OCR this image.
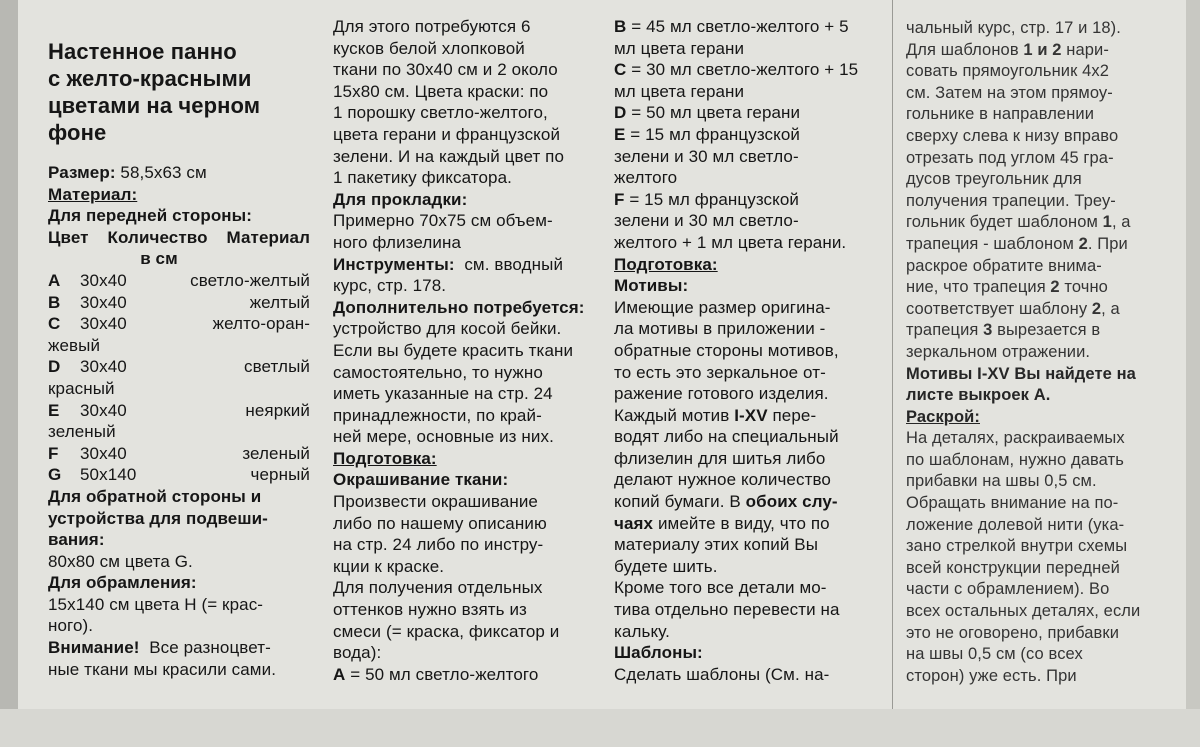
Настенное панно
с желто-красными
цветами на черном
фоне
Размер: 58,5х63 см
Материал:
Для передней стороны:
Цвет Количество Материал
в см
A	30х40	светло-желтый
B	30х40	желтый
C	30х40	желто-оран-
жевый
D	30х40	светлый
красный
E	30х40	неяркий
зеленый
F	30х40	зеленый
G	50х140	черный
Для обратной стороны и
устройства для подвеши-
вания:
80х80 см цвета G.
Для обрамления:
15х140 см цвета H (= крас-
ного).
Внимание! Все разноцвет-
ные ткани мы красили сами.
Для этого потребуются 6
кусков белой хлопковой
ткани по 30х40 см и 2 около
15х80 см. Цвета краски: по
1 порошку светло-желтого,
цвета герани и французской
зелени. И на каждый цвет по
1 пакетику фиксатора.
Для прокладки:
Примерно 70х75 см объем-
ного флизелина
Инструменты: см. вводный
курс, стр. 178.
Дополнительно потребуется:
устройство для косой бейки.
Если вы будете красить ткани
самостоятельно, то нужно
иметь указанные на стр. 24
принадлежности, по край-
ней мере, основные из них.
Подготовка:
Окрашивание ткани:
Произвести окрашивание
либо по нашему описанию
на стр. 24 либо по инстру-
кции к краске.
Для получения отдельных
оттенков нужно взять из
смеси (= краска, фиксатор и
вода):
A = 50 мл светло-желтого
B = 45 мл светло-желтого + 5
мл цвета герани
C = 30 мл светло-желтого + 15
мл цвета герани
D = 50 мл цвета герани
E = 15 мл французской
зелени и 30 мл светло-
желтого
F = 15 мл французской
зелени и 30 мл светло-
желтого + 1 мл цвета герани.
Подготовка:
Мотивы:
Имеющие размер оригина-
ла мотивы в приложении -
обратные стороны мотивов,
то есть это зеркальное от-
ражение готового изделия.
Каждый мотив I-XV пере-
водят либо на специальный
флизелин для шитья либо
делают нужное количество
копий бумаги. В обоих слу-
чаях имейте в виду, что по
материалу этих копий Вы
будете шить.
Кроме того все детали мо-
тива отдельно перевести на
кальку.
Шаблоны:
Сделать шаблоны (См. на-
чальный курс, стр. 17 и 18).
Для шаблонов 1 и 2 нари-
совать прямоугольник 4х2
см. Затем на этом прямоу-
гольнике в направлении
сверху слева к низу вправо
отрезать под углом 45 гра-
дусов треугольник для
получения трапеции. Треу-
гольник будет шаблоном 1, а
трапеция - шаблоном 2. При
раскрое обратите внима-
ние, что трапеция 2 точно
соответствует шаблону 2, а
трапеция 3 вырезается в
зеркальном отражении.
Мотивы I-XV Вы найдете на
листе выкроек А.
Раскрой:
На деталях, раскраиваемых
по шаблонам, нужно давать
прибавки на швы 0,5 см.
Обращать внимание на по-
ложение долевой нити (ука-
зано стрелкой внутри схемы
всей конструкции передней
части с обрамлением). Во
всех остальных деталях, если
это не оговорено, прибавки
на швы 0,5 см (со всех
сторон) уже есть. При
